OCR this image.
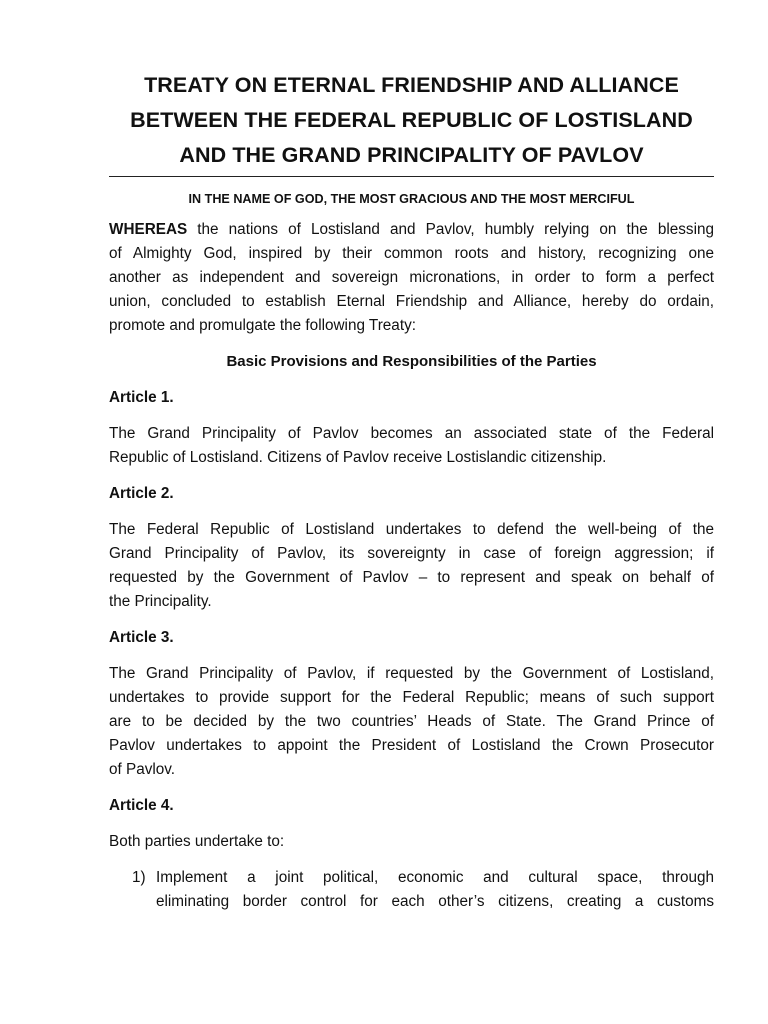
TREATY ON ETERNAL FRIENDSHIP AND ALLIANCE
BETWEEN THE FEDERAL REPUBLIC OF LOSTISLAND
AND THE GRAND PRINCIPALITY OF PAVLOV

IN THE NAME OF GOD, THE MOST GRACIOUS AND THE MOST MERCIFUL

WHEREAS the nations of Lostisland and Pavlov, humbly relying on the blessing
of Almighty God, inspired by their common roots and history, recognizing one
another as independent and sovereign micronations, in order to form a perfect
union, concluded to establish Eternal Friendship and Alliance, hereby do ordain,
promote and promulgate the following Treaty:

Basic Provisions and Responsibilities of the Parties
Article 1.

The Grand Principality of Pavlov becomes an associated state of the Federal
Republic of Lostisland. Citizens of Pavlov receive Lostislandic citizenship.

Article 2.

The Federal Republic of Lostisland undertakes to defend the well-being of the
Grand Principality of Pavlov, its sovereignty in case of foreign aggression; if
requested by the Government of Pavlov – to represent and speak on behalf of
the Principality.

Article 3.

The Grand Principality of Pavlov, if requested by the Government of Lostisland,
undertakes to provide support for the Federal Republic; means of such support
are to be decided by the two countries’ Heads of State. The Grand Prince of
Pavlov undertakes to appoint the President of Lostisland the Crown Prosecutor
of Pavlov.

Article 4.

Both parties undertake to:

1) Implement a joint political, economic and cultural space, through
eliminating border control for each other’s citizens, creating a customs
